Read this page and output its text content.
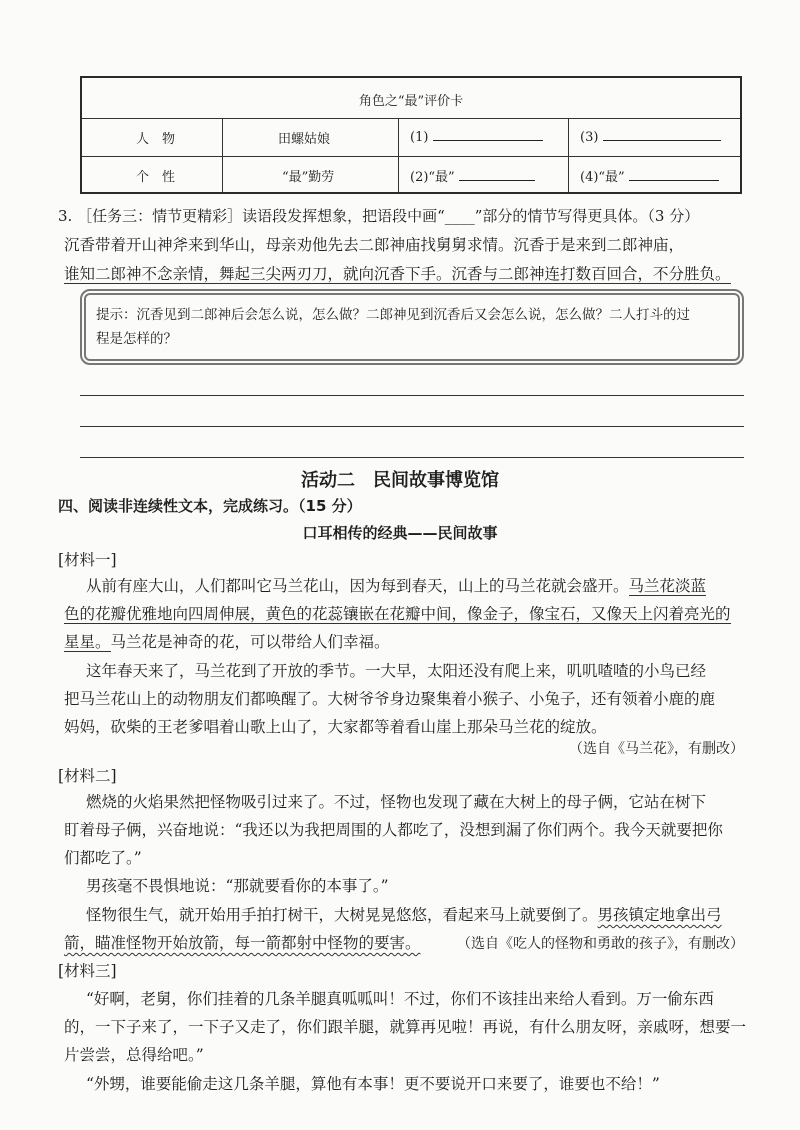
角色之“最”评价卡
人　物	田螺姑娘	(1)	(3)
个　性	“最”勤劳	(2)“最”	(4)“最”
3. ［任务三：情节更精彩］读语段发挥想象，把语段中画“____”部分的情节写得更具体。（3 分）
沉香带着开山神斧来到华山，母亲劝他先去二郎神庙找舅舅求情。沉香于是来到二郎神庙，
谁知二郎神不念亲情，舞起三尖两刃刀，就向沉香下手。沉香与二郎神连打数百回合，不分胜负。
提示：沉香见到二郎神后会怎么说，怎么做？二郎神见到沉香后又会怎么说，怎么做？二人打斗的过
程是怎样的？
活动二　民间故事博览馆
四、阅读非连续性文本，完成练习。（15 分）
口耳相传的经典——民间故事
[材料一]
从前有座大山，人们都叫它马兰花山，因为每到春天，山上的马兰花就会盛开。马兰花淡蓝
色的花瓣优雅地向四周伸展，黄色的花蕊镶嵌在花瓣中间，像金子，像宝石，又像天上闪着亮光的
星星。马兰花是神奇的花，可以带给人们幸福。
这年春天来了，马兰花到了开放的季节。一大早，太阳还没有爬上来，叽叽喳喳的小鸟已经
把马兰花山上的动物朋友们都唤醒了。大树爷爷身边聚集着小猴子、小兔子，还有领着小鹿的鹿
妈妈，砍柴的王老爹唱着山歌上山了，大家都等着看山崖上那朵马兰花的绽放。
（选自《马兰花》，有删改）
[材料二]
燃烧的火焰果然把怪物吸引过来了。不过，怪物也发现了藏在大树上的母子俩，它站在树下
盯着母子俩，兴奋地说：“我还以为我把周围的人都吃了，没想到漏了你们两个。我今天就要把你
们都吃了。”
男孩毫不畏惧地说：“那就要看你的本事了。”
怪物很生气，就开始用手拍打树干，大树晃晃悠悠，看起来马上就要倒了。男孩镇定地拿出弓
箭，瞄准怪物开始放箭，每一箭都射中怪物的要害。	（选自《吃人的怪物和勇敢的孩子》，有删改）
[材料三]
“好啊，老舅，你们挂着的几条羊腿真呱呱叫！不过，你们不该挂出来给人看到。万一偷东西
的，一下子来了，一下子又走了，你们跟羊腿，就算再见啦！再说，有什么朋友呀，亲戚呀，想要一
片尝尝，总得给吧。”
“外甥，谁要能偷走这几条羊腿，算他有本事！更不要说开口来要了，谁要也不给！”
